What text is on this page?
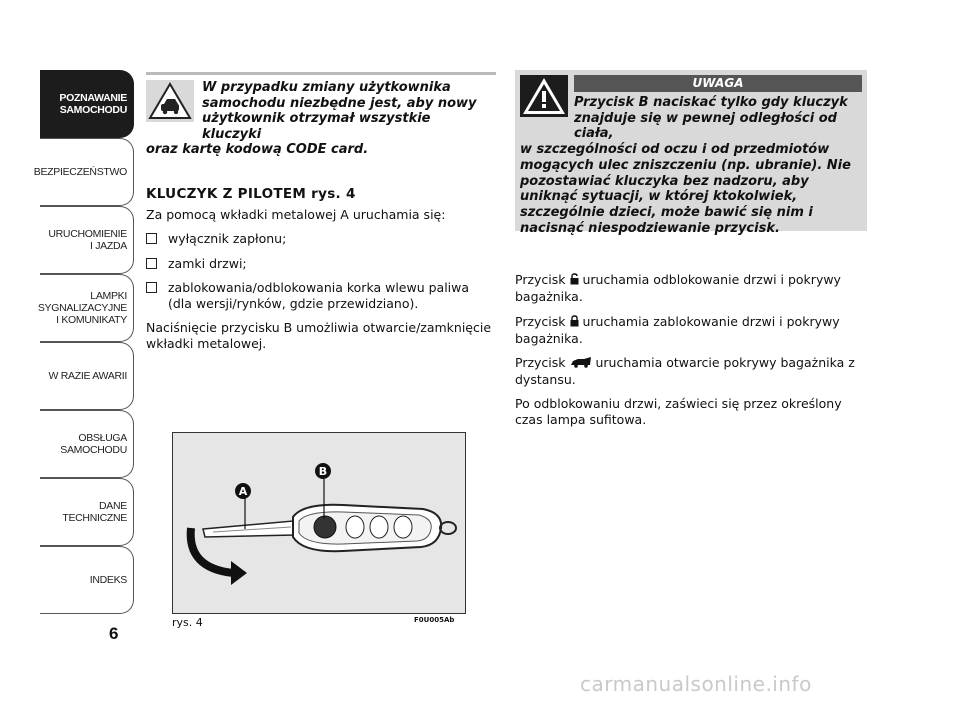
POZNAWANIE
SAMOCHODU
BEZPIECZEŃSTWO
URUCHOMIENIE
I JAZDA
LAMPKI
SYGNALIZACYJNE
I KOMUNIKATY
W RAZIE AWARII
OBSŁUGA
SAMOCHODU
DANE
TECHNICZNE
INDEKS
6
W przypadku zmiany użytkownika
samochodu niezbędne jest, aby nowy
użytkownik otrzymał wszystkie kluczyki
oraz kartę kodową CODE card.
KLUCZYK Z PILOTEM rys. 4
Za pomocą wkładki metalowej A uruchamia się:
wyłącznik zapłonu;
zamki drzwi;
zablokowania/odblokowania korka wlewu paliwa (dla wersji/rynków, gdzie przewidziano).
Naciśnięcie przycisku B umożliwia otwarcie/zamknięcie wkładki metalowej.
A
B
rys. 4	F0U005Ab
UWAGA
Przycisk B naciskać tylko gdy kluczyk
znajduje się w pewnej odległości od ciała,
w szczególności od oczu i od przedmiotów mogących ulec zniszczeniu (np. ubranie). Nie pozostawiać kluczyka bez nadzoru, aby uniknąć sytuacji, w której ktokolwiek, szczególnie dzieci, może bawić się nim i nacisnąć niespodziewanie przycisk.
Przycisk uruchamia odblokowanie drzwi i pokrywy bagażnika.
Przycisk uruchamia zablokowanie drzwi i pokrywy bagażnika.
Przycisk uruchamia otwarcie pokrywy bagażnika z dystansu.
Po odblokowaniu drzwi, zaświeci się przez określony czas lampa sufitowa.
carmanualsonline.info
